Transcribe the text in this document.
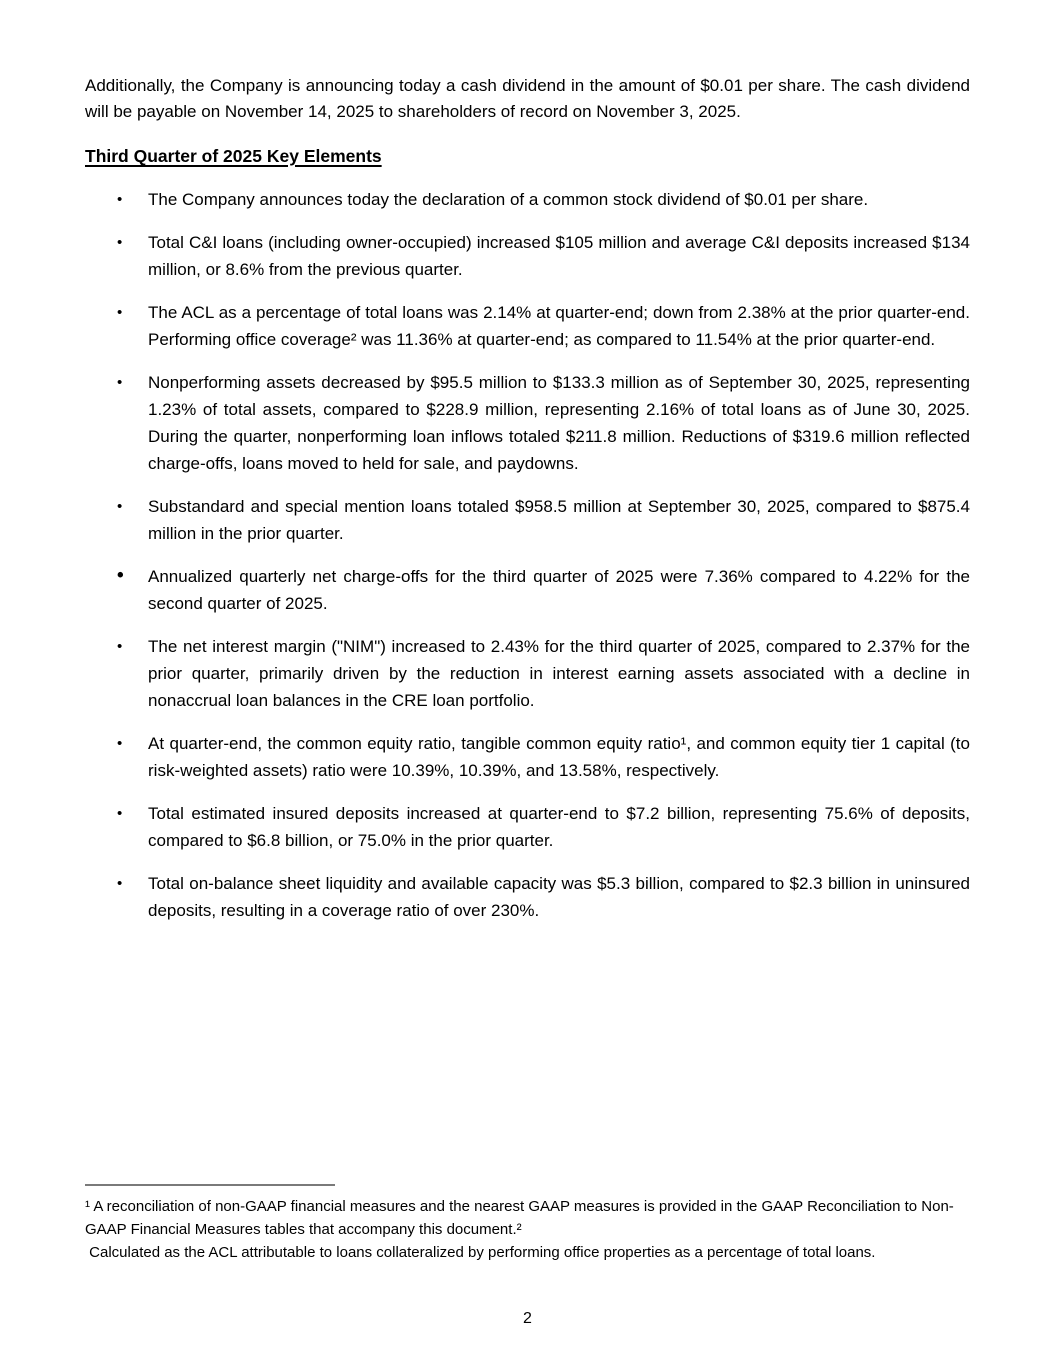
Additionally, the Company is announcing today a cash dividend in the amount of $0.01 per share. The cash dividend will be payable on November 14, 2025 to shareholders of record on November 3, 2025.

Third Quarter of 2025 Key Elements
• The Company announces today the declaration of a common stock dividend of $0.01 per share.
• Total C&I loans (including owner-occupied) increased $105 million and average C&I deposits increased $134 million, or 8.6% from the previous quarter.
• The ACL as a percentage of total loans was 2.14% at quarter-end; down from 2.38% at the prior quarter-end. Performing office coverage² was 11.36% at quarter-end; as compared to 11.54% at the prior quarter-end.
• Nonperforming assets decreased by $95.5 million to $133.3 million as of September 30, 2025, representing 1.23% of total assets, compared to $228.9 million, representing 2.16% of total loans as of June 30, 2025. During the quarter, nonperforming loan inflows totaled $211.8 million. Reductions of $319.6 million reflected charge-offs, loans moved to held for sale, and paydowns.
• Substandard and special mention loans totaled $958.5 million at September 30, 2025, compared to $875.4 million in the prior quarter.
• Annualized quarterly net charge-offs for the third quarter of 2025 were 7.36% compared to 4.22% for the second quarter of 2025.
• The net interest margin ("NIM") increased to 2.43% for the third quarter of 2025, compared to 2.37% for the prior quarter, primarily driven by the reduction in interest earning assets associated with a decline in nonaccrual loan balances in the CRE loan portfolio.
• At quarter-end, the common equity ratio, tangible common equity ratio¹, and common equity tier 1 capital (to risk-weighted assets) ratio were 10.39%, 10.39%, and 13.58%, respectively.
• Total estimated insured deposits increased at quarter-end to $7.2 billion, representing 75.6% of deposits, compared to $6.8 billion, or 75.0% in the prior quarter.
• Total on-balance sheet liquidity and available capacity was $5.3 billion, compared to $2.3 billion in uninsured deposits, resulting in a coverage ratio of over 230%.

¹ A reconciliation of non-GAAP financial measures and the nearest GAAP measures is provided in the GAAP Reconciliation to Non-GAAP Financial Measures tables that accompany this document.²

Calculated as the ACL attributable to loans collateralized by performing office properties as a percentage of total loans.

2
